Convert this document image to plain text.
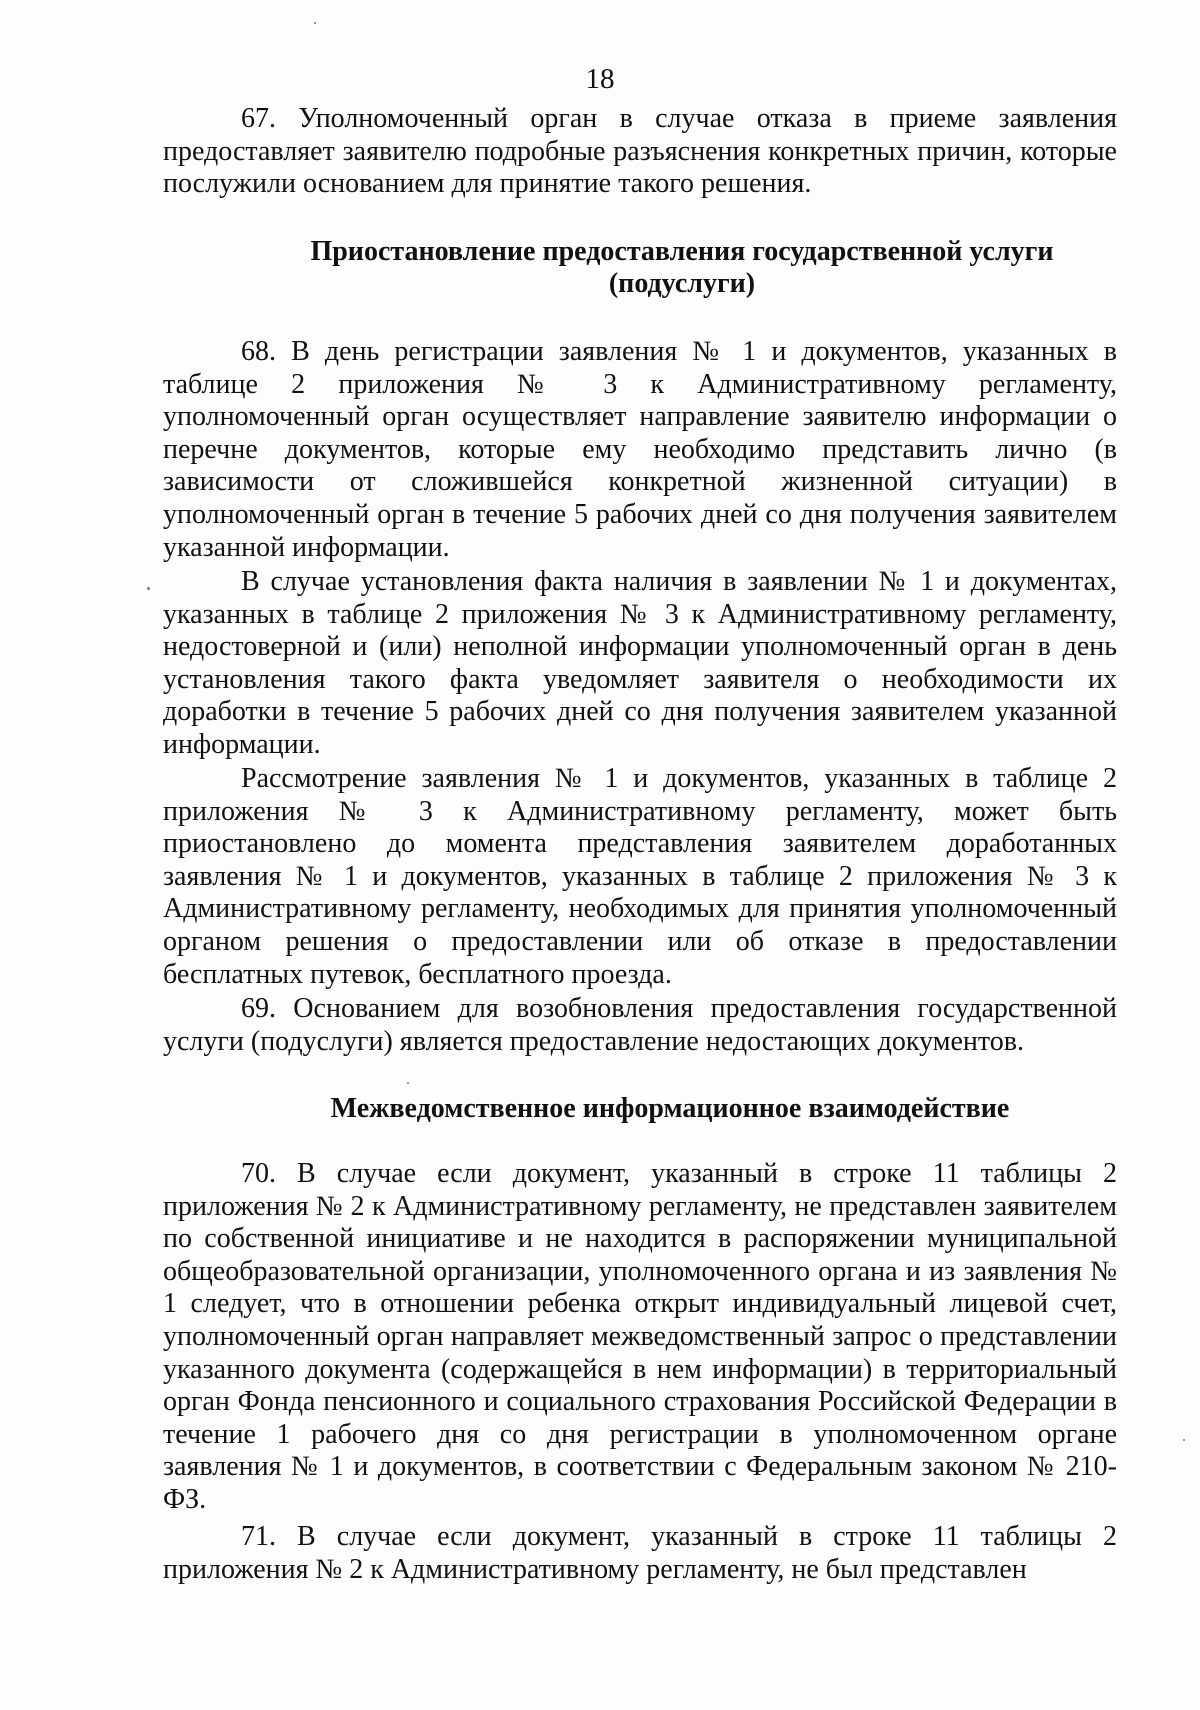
18

67. Уполномоченный орган в случае отказа в приеме заявления предоставляет заявителю подробные разъяснения конкретных причин, которые послужили основанием для принятие такого решения.

Приостановление предоставления государственной услуги
(подуслуги)

68. В день регистрации заявления № 1 и документов, указанных в таблице 2 приложения № 3 к Административному регламенту, уполномоченный орган осуществляет направление заявителю информации о перечне документов, которые ему необходимо представить лично (в зависимости от сложившейся конкретной жизненной ситуации) в уполномоченный орган в течение 5 рабочих дней со дня получения заявителем указанной информации.

В случае установления факта наличия в заявлении № 1 и документах, указанных в таблице 2 приложения № 3 к Административному регламенту, недостоверной и (или) неполной информации уполномоченный орган в день установления такого факта уведомляет заявителя о необходимости их доработки в течение 5 рабочих дней со дня получения заявителем указанной информации.

Рассмотрение заявления № 1 и документов, указанных в таблице 2 приложения № 3 к Административному регламенту, может быть приостановлено до момента представления заявителем доработанных заявления № 1 и документов, указанных в таблице 2 приложения № 3 к Административному регламенту, необходимых для принятия уполномоченный органом решения о предоставлении или об отказе в предоставлении бесплатных путевок, бесплатного проезда.

69. Основанием для возобновления предоставления государственной услуги (подуслуги) является предоставление недостающих документов.

Межведомственное информационное взаимодействие

70. В случае если документ, указанный в строке 11 таблицы 2 приложения № 2 к Административному регламенту, не представлен заявителем по собственной инициативе и не находится в распоряжении муниципальной общеобразовательной организации, уполномоченного органа и из заявления № 1 следует, что в отношении ребенка открыт индивидуальный лицевой счет, уполномоченный орган направляет межведомственный запрос о представлении указанного документа (содержащейся в нем информации) в территориальный орган Фонда пенсионного и социального страхования Российской Федерации в течение 1 рабочего дня со дня регистрации в уполномоченном органе заявления № 1 и документов, в соответствии с Федеральным законом № 210-ФЗ.

71. В случае если документ, указанный в строке 11 таблицы 2 приложения № 2 к Административному регламенту, не был представлен
